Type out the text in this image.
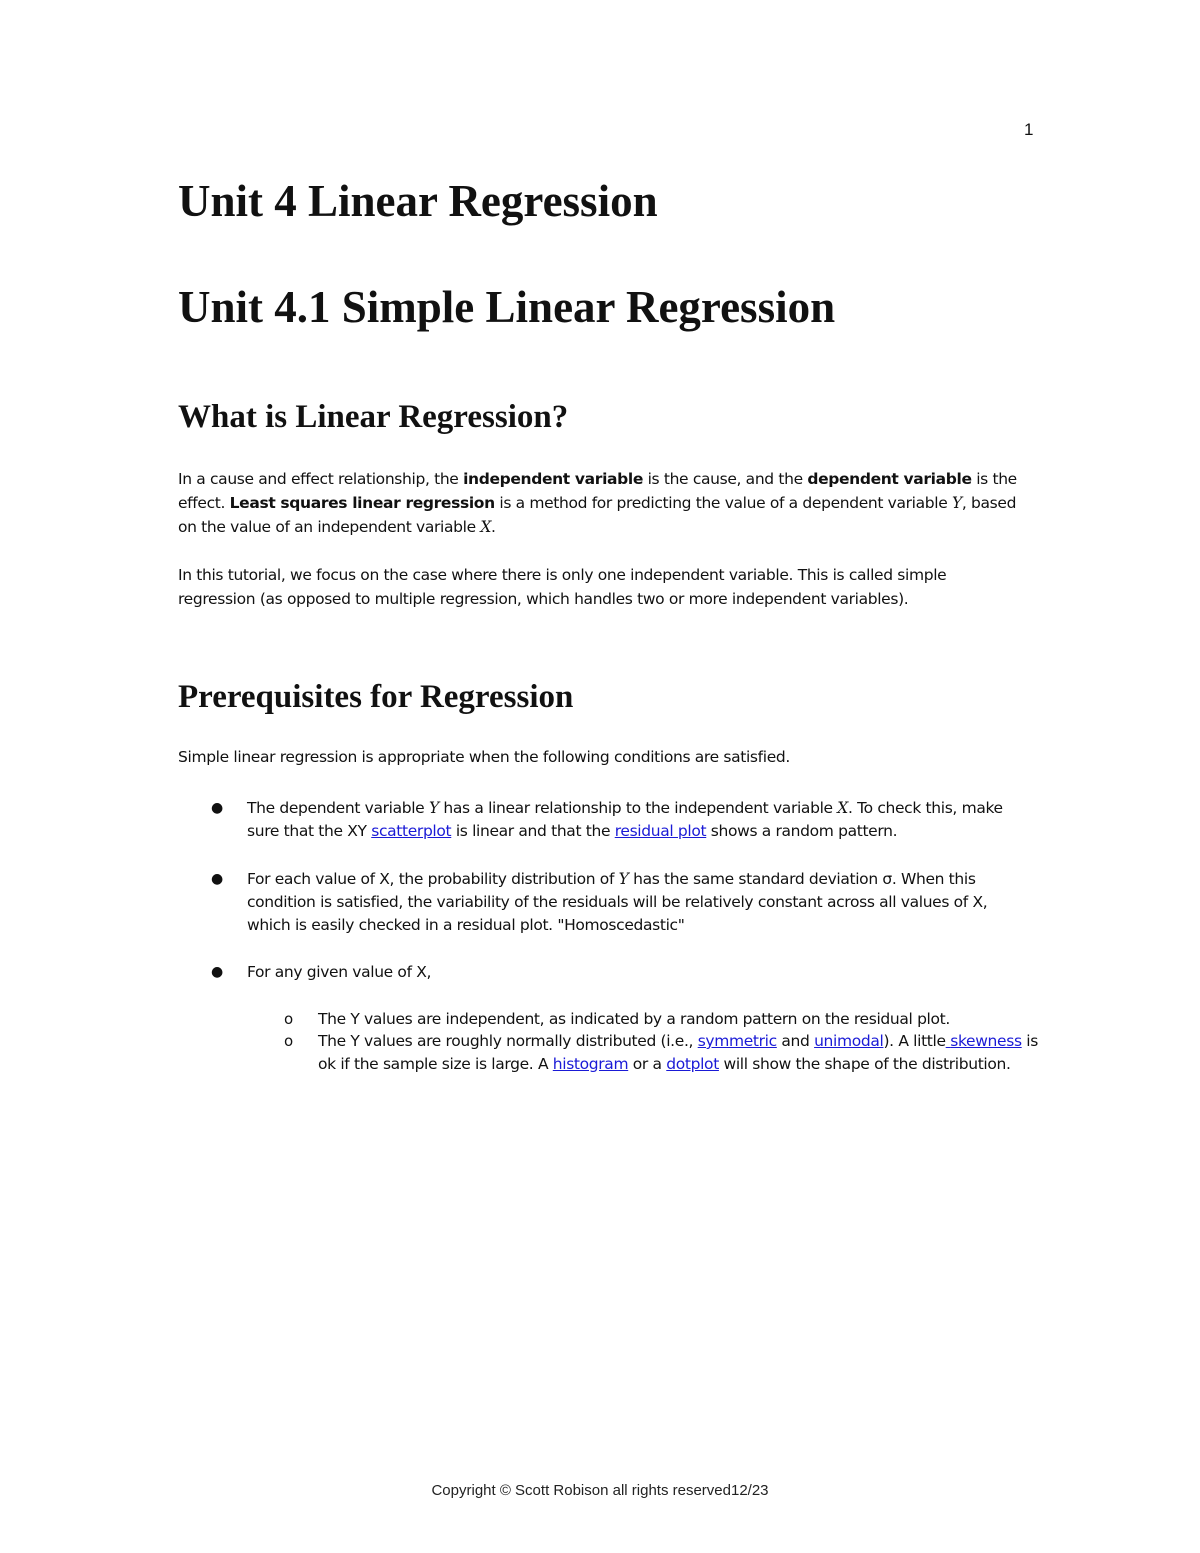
1
Unit 4 Linear Regression
Unit 4.1 Simple Linear Regression
What is Linear Regression?

In a cause and effect relationship, the independent variable is the cause, and the dependent variable is the effect. Least squares linear regression is a method for predicting the value of a dependent variable Y, based on the value of an independent variable X.

In this tutorial, we focus on the case where there is only one independent variable. This is called simple regression (as opposed to multiple regression, which handles two or more independent variables).

Prerequisites for Regression

Simple linear regression is appropriate when the following conditions are satisfied.

● The dependent variable Y has a linear relationship to the independent variable X. To check this, make sure that the XY scatterplot is linear and that the residual plot shows a random pattern.
● For each value of X, the probability distribution of Y has the same standard deviation σ. When this condition is satisfied, the variability of the residuals will be relatively constant across all values of X, which is easily checked in a residual plot. "Homoscedastic"
● For any given value of X,
o The Y values are independent, as indicated by a random pattern on the residual plot.
o The Y values are roughly normally distributed (i.e., symmetric and unimodal). A little skewness is ok if the sample size is large. A histogram or a dotplot will show the shape of the distribution.
Copyright © Scott Robison all rights reserved12/23
